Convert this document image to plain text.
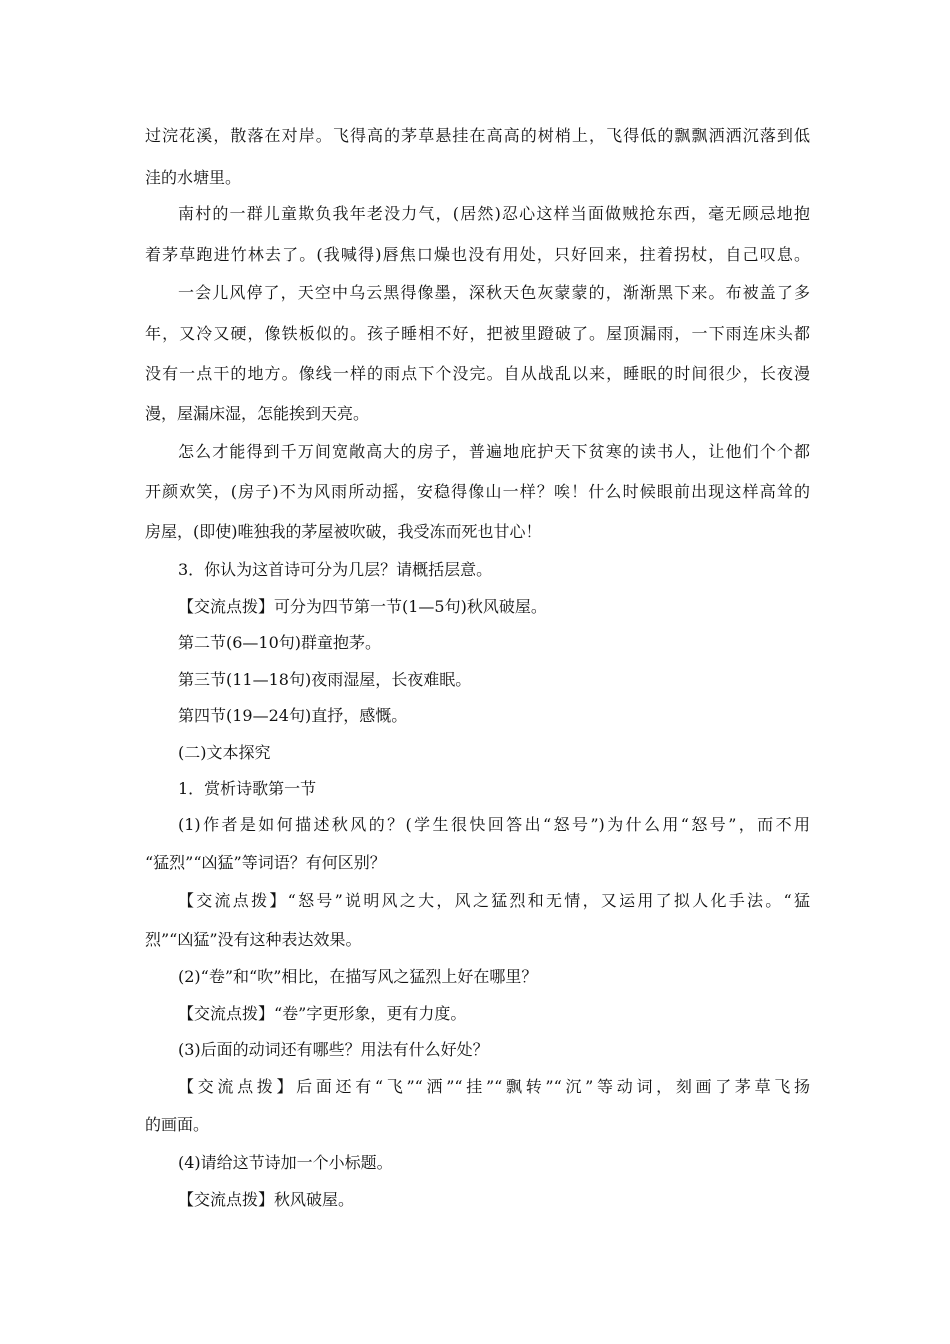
过浣花溪，散落在对岸。飞得高的茅草悬挂在高高的树梢上，飞得低的飘飘洒洒沉落到低
洼的水塘里。
南村的一群儿童欺负我年老没力气，(居然)忍心这样当面做贼抢东西，毫无顾忌地抱
着茅草跑进竹林去了。(我喊得)唇焦口燥也没有用处，只好回来，拄着拐杖，自己叹息。
一会儿风停了，天空中乌云黑得像墨，深秋天色灰蒙蒙的，渐渐黑下来。布被盖了多
年，又冷又硬，像铁板似的。孩子睡相不好，把被里蹬破了。屋顶漏雨，一下雨连床头都
没有一点干的地方。像线一样的雨点下个没完。自从战乱以来，睡眠的时间很少，长夜漫
漫，屋漏床湿，怎能挨到天亮。
怎么才能得到千万间宽敞高大的房子，普遍地庇护天下贫寒的读书人，让他们个个都
开颜欢笑，(房子)不为风雨所动摇，安稳得像山一样？唉！什么时候眼前出现这样高耸的
房屋，(即使)唯独我的茅屋被吹破，我受冻而死也甘心！
3．你认为这首诗可分为几层？请概括层意。
【交流点拨】可分为四节第一节(1—5句)秋风破屋。
第二节(6—10句)群童抱茅。
第三节(11—18句)夜雨湿屋，长夜难眠。
第四节(19—24句)直抒，感慨。
(二)文本探究
1．赏析诗歌第一节
(1)作者是如何描述秋风的？(学生很快回答出“怒号”)为什么用“怒号”，而不用
“猛烈”“凶猛”等词语？有何区别？
【交流点拨】“怒号”说明风之大，风之猛烈和无情，又运用了拟人化手法。“猛
烈”“凶猛”没有这种表达效果。
(2)“卷”和“吹”相比，在描写风之猛烈上好在哪里？
【交流点拨】“卷”字更形象，更有力度。
(3)后面的动词还有哪些？用法有什么好处？
【交流点拨】后面还有“飞”“洒”“挂”“飘转”“沉”等动词，刻画了茅草飞扬
的画面。
(4)请给这节诗加一个小标题。
【交流点拨】秋风破屋。
